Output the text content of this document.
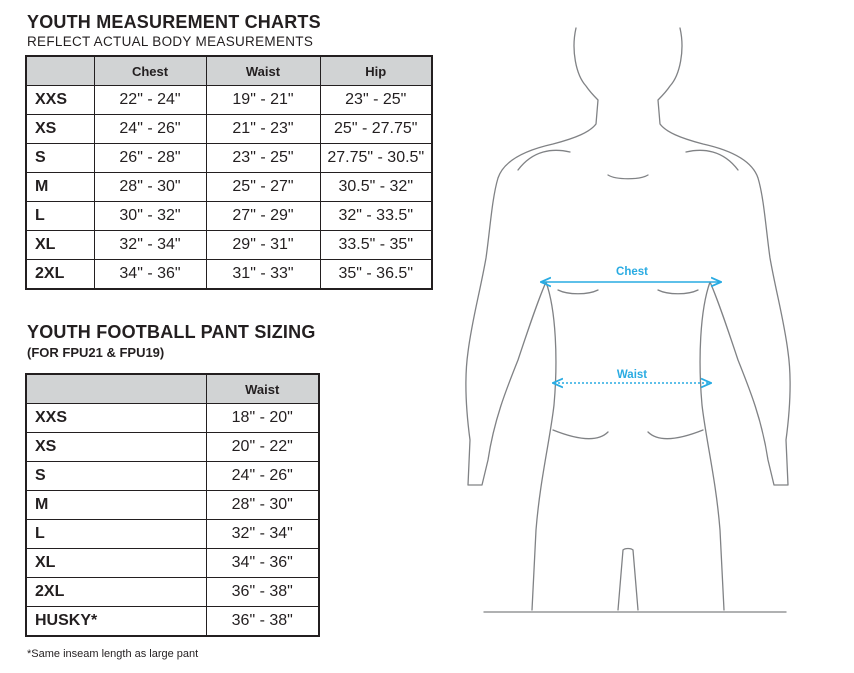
YOUTH MEASUREMENT CHARTS
REFLECT ACTUAL BODY MEASUREMENTS
	Chest	Waist	Hip
XXS	22" - 24"	19" - 21"	23" - 25"
XS	24" - 26"	21" - 23"	25" - 27.75"
S	26" - 28"	23" - 25"	27.75" - 30.5"
M	28" - 30"	25" - 27"	30.5" - 32"
L	30" - 32"	27" - 29"	32" - 33.5"
XL	32" - 34"	29" - 31"	33.5" - 35"
2XL	34" - 36"	31" - 33"	35" - 36.5"
YOUTH FOOTBALL PANT SIZING
(FOR FPU21 & FPU19)
	Waist
XXS	18" - 20"
XS	20" - 22"
S	24" - 26"
M	28" - 30"
L	32" - 34"
XL	34" - 36"
2XL	36" - 38"
HUSKY*	36" - 38"
*Same inseam length as large pant
Chest
Waist
